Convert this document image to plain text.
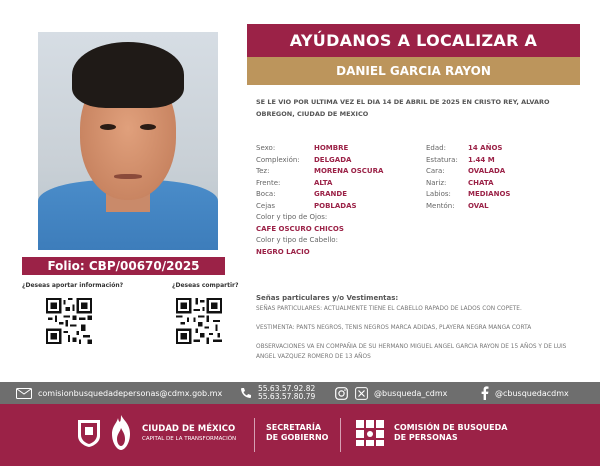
Folio: CBP/00670/2025
¿Deseas aportar información?	¿Deseas compartir?
AYÚDANOS A LOCALIZAR A
DANIEL GARCIA RAYON
SE LE VIO POR ULTIMA VEZ EL DIA 14 DE ABRIL DE 2025 EN CRISTO REY, ALVARO OBREGON, CIUDAD DE MEXICO
Sexo:	HOMBRE
Complexión: DELGADA
Tez:	MORENA OSCURA
Frente:	ALTA
Boca:	GRANDE
Cejas	POBLADAS
Color y tipo de Ojos:
CAFE OSCURO CHICOS
Color y tipo de Cabello:
NEGRO LACIO
Edad:	14 AÑOS
Estatura: 1.44 M
Cara:	OVALADA
Nariz:	CHATA
Labios: MEDIANOS
Mentón: OVAL
Señas particulares y/o Vestimentas:
SEÑAS PARTICULARES: ACTUALMENTE TIENE EL CABELLO RAPADO DE LADOS CON COPETE.
VESTIMENTA: PANTS NEGROS, TENIS NEGROS MARCA ADIDAS, PLAYERA NEGRA MANGA CORTA
OBSERVACIONES VA EN COMPAÑIA DE SU HERMANO MIGUEL ANGEL GARCIA RAYON DE 15 AÑOS Y DE LUIS ANGEL VAZQUEZ ROMERO DE 13 AÑOS
comisionbusquedadepersonas@cdmx.gob.mx	55.63.57.92.82
55.63.57.80.79	@busqueda_cdmx	@cbusquedacdmx
CIUDAD DE MÉXICO
CAPITAL DE LA TRANSFORMACIÓN
SECRETARÍA
DE GOBIERNO
COMISIÓN DE BUSQUEDA
DE PERSONAS
